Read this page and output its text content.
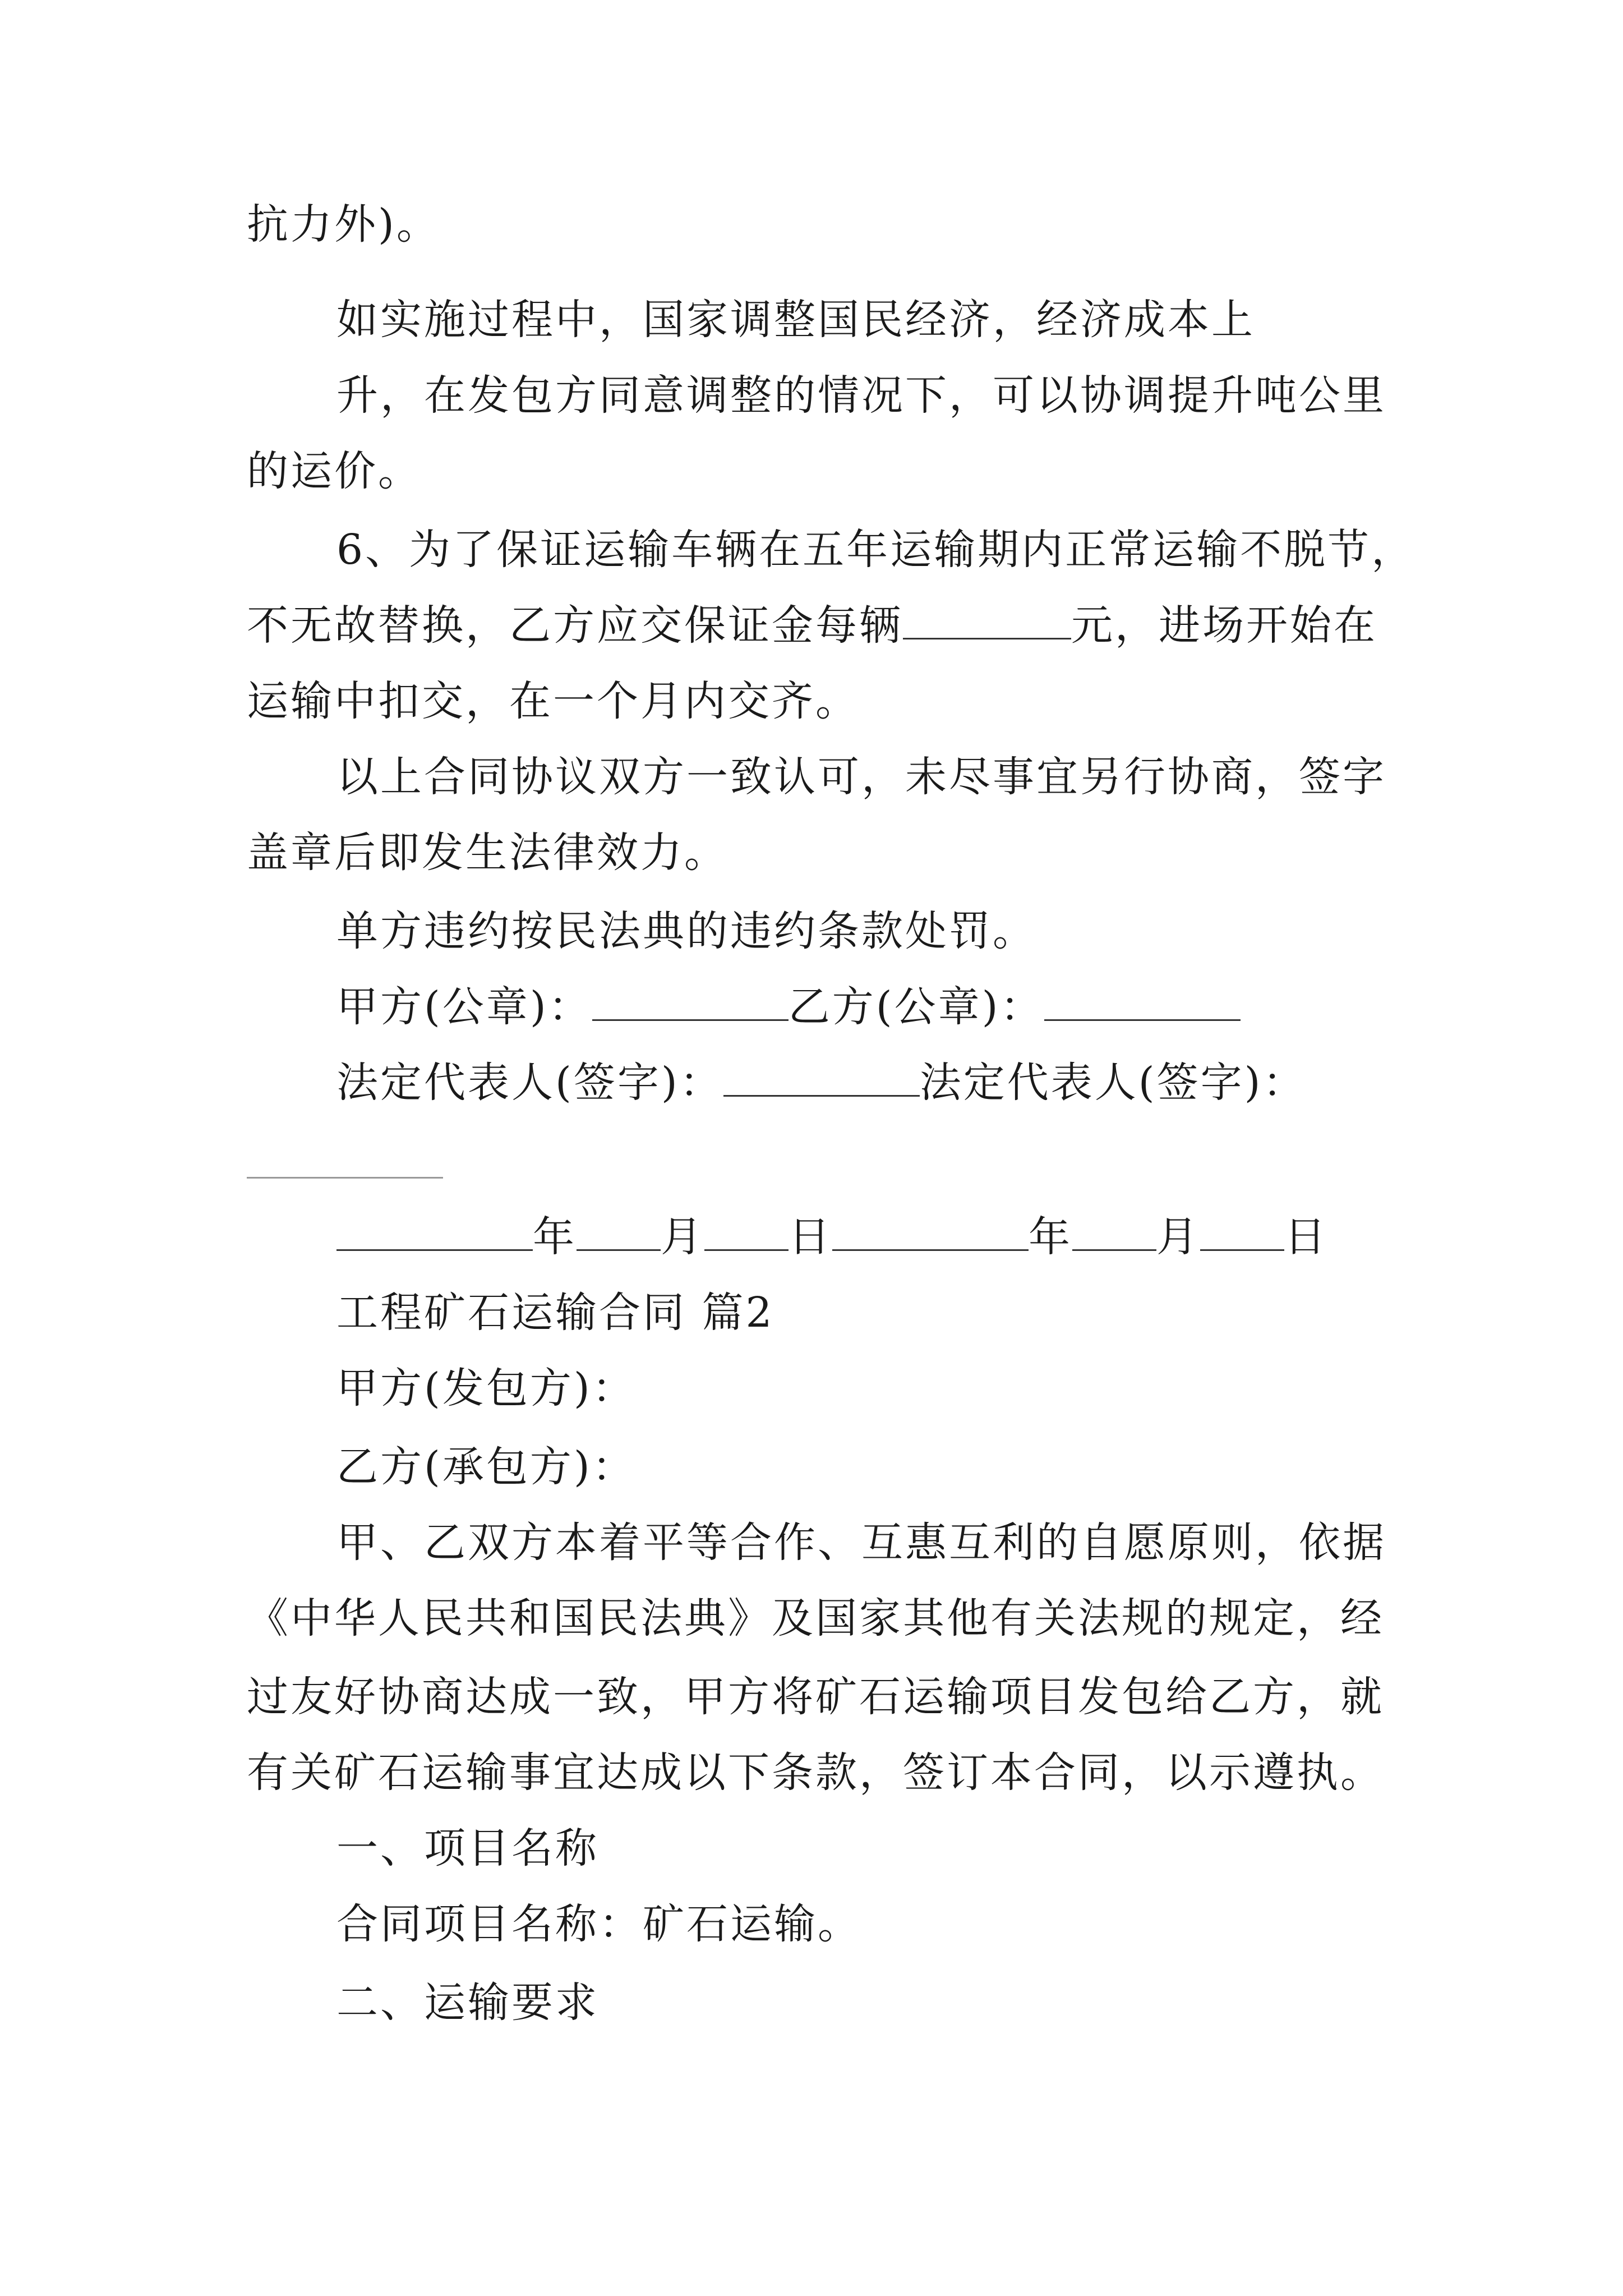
抗力外)。
如实施过程中，国家调整国民经济，经济成本上
升，在发包方同意调整的情况下，可以协调提升吨公里
的运价。
6、为了保证运输车辆在五年运输期内正常运输不脱节，
不无故替换，乙方应交保证金每辆	元，进场开始在
运输中扣交，在一个月内交齐。
以上合同协议双方一致认可，未尽事宜另行协商，签字
盖章后即发生法律效力。
单方违约按民法典的违约条款处罚。
甲方(公章)：	乙方(公章)：
法定代表人(签字)：	法定代表人(签字)：
年 月 日	年 月 日
工程矿石运输合同 篇2
甲方(发包方)：
乙方(承包方)：
甲、乙双方本着平等合作、互惠互利的自愿原则，依据
《中华人民共和国民法典》及国家其他有关法规的规定，经
过友好协商达成一致，甲方将矿石运输项目发包给乙方，就
有关矿石运输事宜达成以下条款，签订本合同，以示遵执。
一、项目名称
合同项目名称：矿石运输。
二、运输要求
